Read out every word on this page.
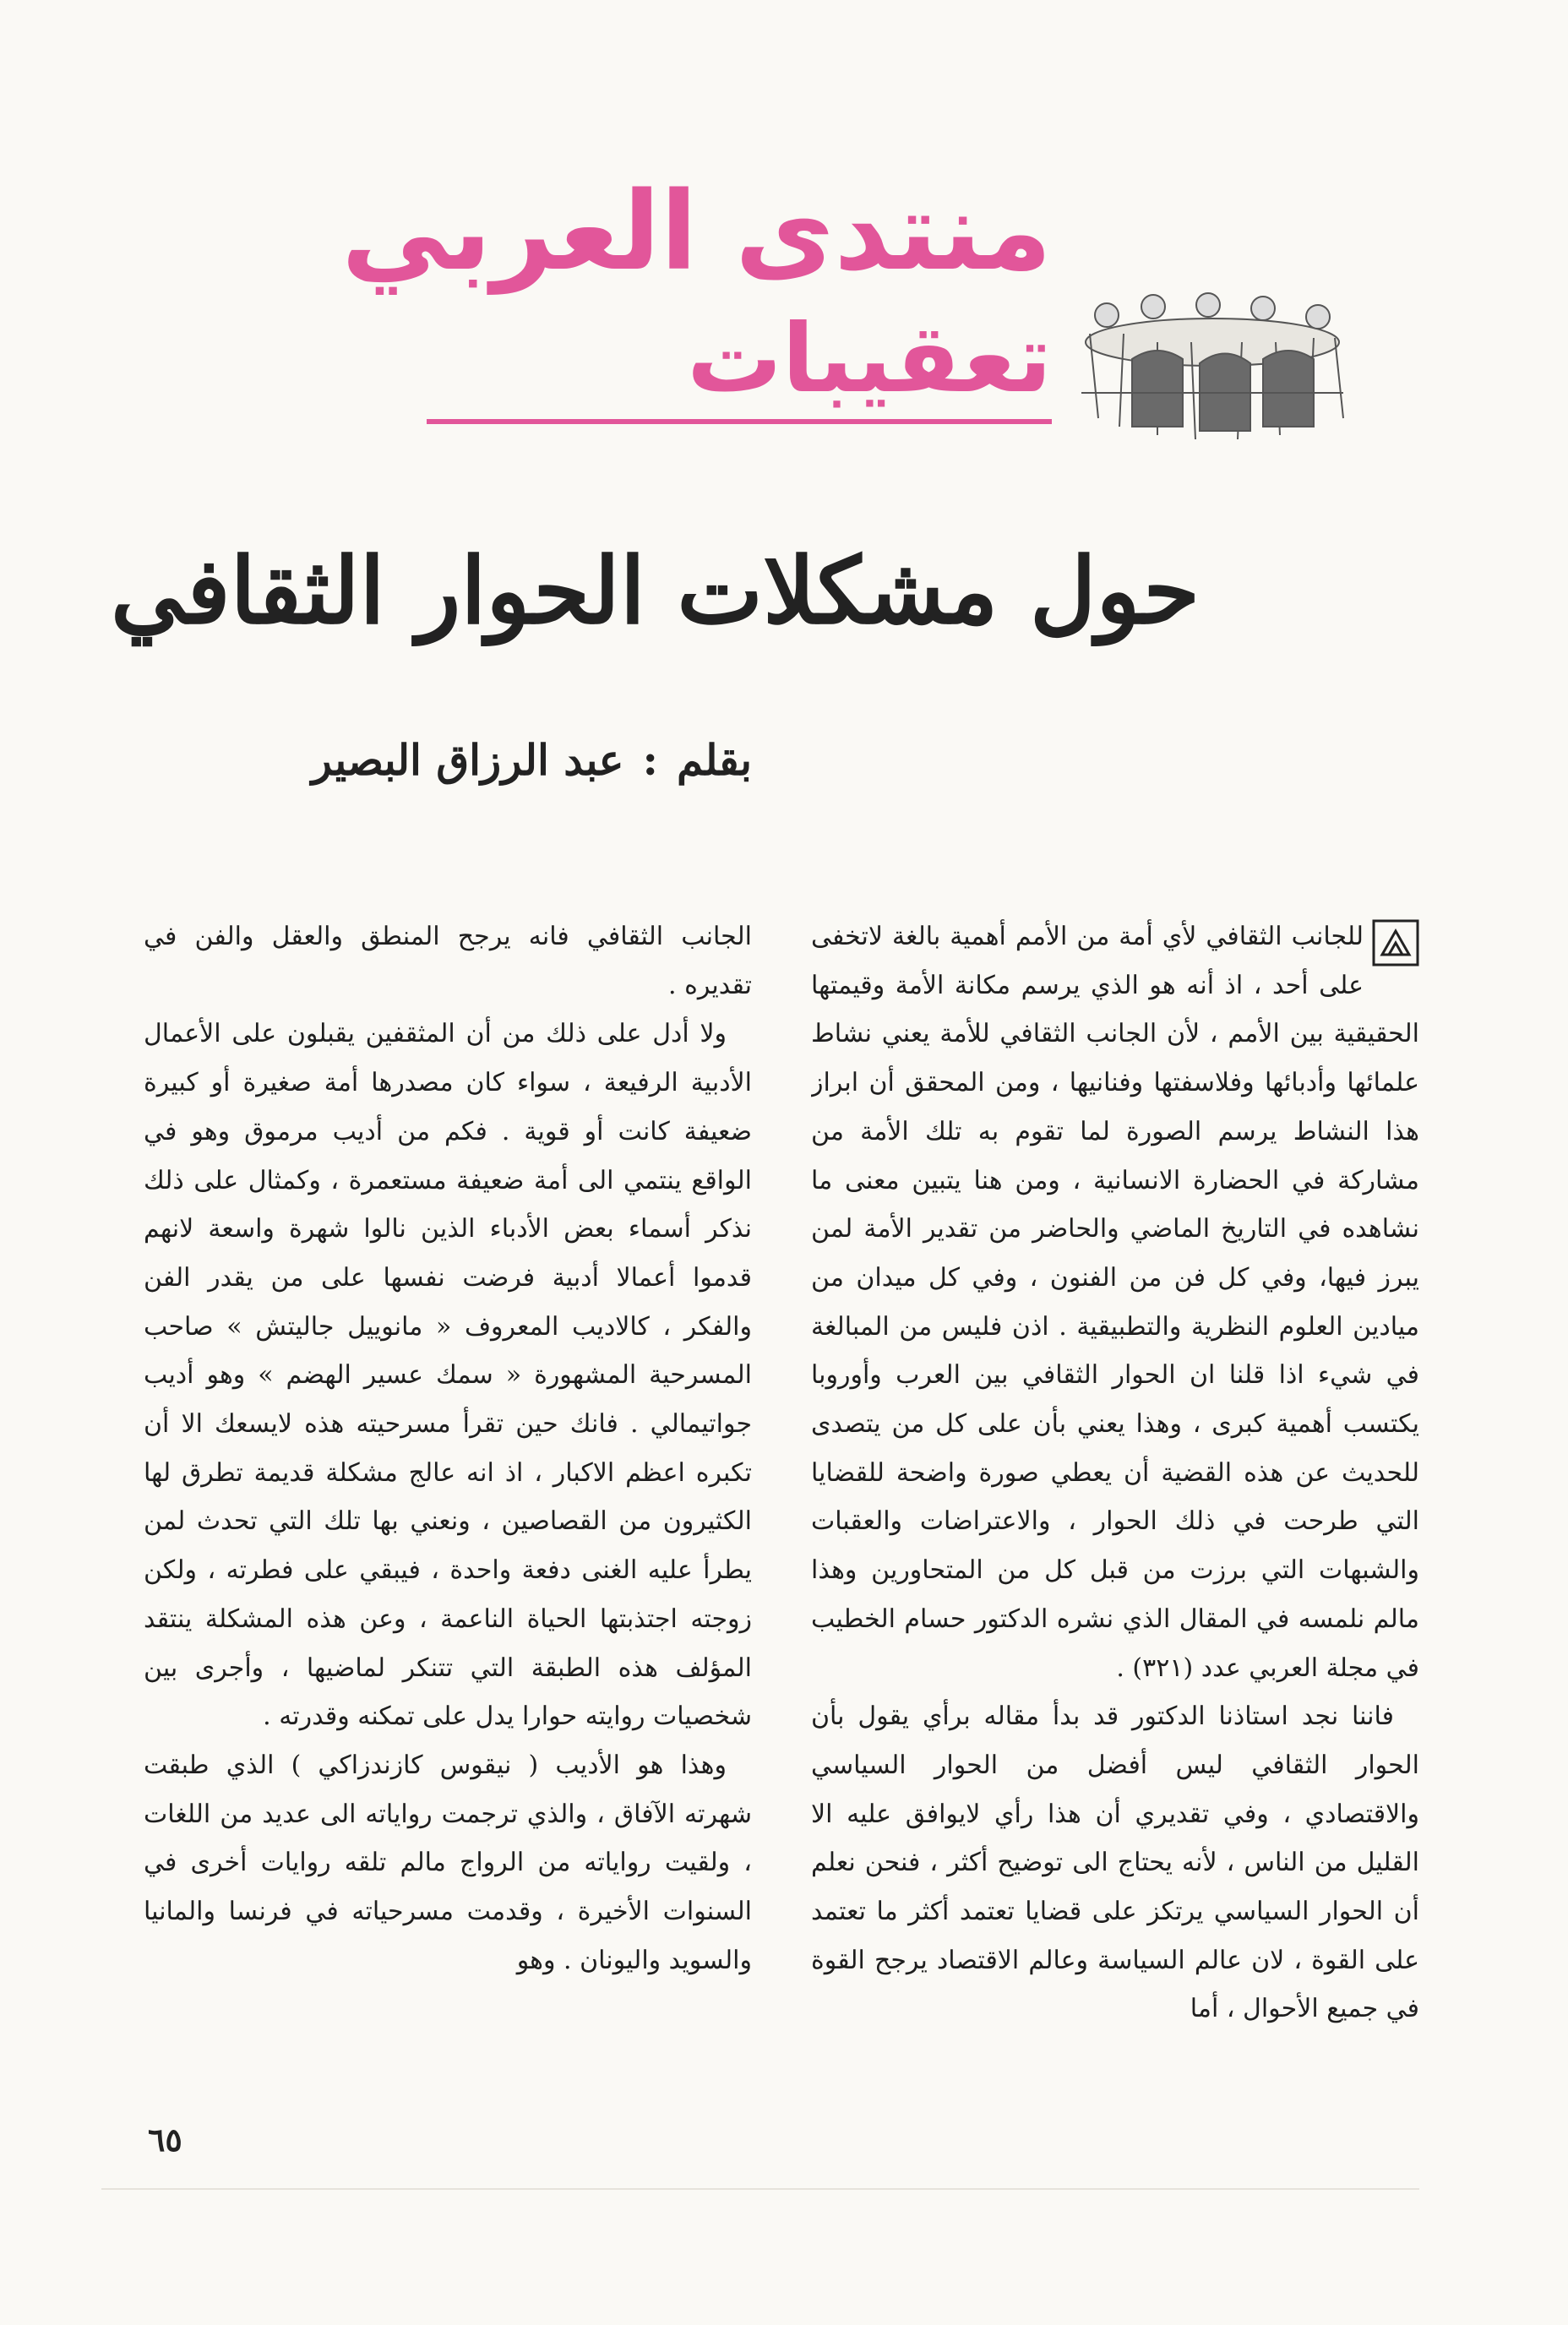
منتدى العربي
تعقيبات
حول مشكلات الحوار الثقافي
بقلم:عبد الرزاق البصير

للجانب الثقافي لأي أمة من الأمم أهمية بالغة لاتخفى على أحد ، اذ أنه هو الذي يرسم مكانة الأمة وقيمتها الحقيقية بين الأمم ، لأن الجانب الثقافي للأمة يعني نشاط علمائها وأدبائها وفلاسفتها وفنانيها ، ومن المحقق أن ابراز هذا النشاط يرسم الصورة لما تقوم به تلك الأمة من مشاركة في الحضارة الانسانية ، ومن هنا يتبين معنى ما نشاهده في التاريخ الماضي والحاضر من تقدير الأمة لمن يبرز فيها، وفي كل فن من الفنون ، وفي كل ميدان من ميادين العلوم النظرية والتطبيقية . اذن فليس من المبالغة في شيء اذا قلنا ان الحوار الثقافي بين العرب وأوروبا يكتسب أهمية كبرى ، وهذا يعني بأن على كل من يتصدى للحديث عن هذه القضية أن يعطي صورة واضحة للقضايا التي طرحت في ذلك الحوار ، والاعتراضات والعقبات والشبهات التي برزت من قبل كل من المتحاورين وهذا مالم نلمسه في المقال الذي نشره الدكتور حسام الخطيب في مجلة العربي عدد (٣٢١) .

فاننا نجد استاذنا الدكتور قد بدأ مقاله برأي يقول بأن الحوار الثقافي ليس أفضل من الحوار السياسي والاقتصادي ، وفي تقديري أن هذا رأي لايوافق عليه الا القليل من الناس ، لأنه يحتاج الى توضيح أكثر ، فنحن نعلم أن الحوار السياسي يرتكز على قضايا تعتمد أكثر ما تعتمد على القوة ، لان عالم السياسة وعالم الاقتصاد يرجح القوة في جميع الأحوال ، أما

الجانب الثقافي فانه يرجح المنطق والعقل والفن في تقديره .

ولا أدل على ذلك من أن المثقفين يقبلون على الأعمال الأدبية الرفيعة ، سواء كان مصدرها أمة صغيرة أو كبيرة ضعيفة كانت أو قوية . فكم من أديب مرموق وهو في الواقع ينتمي الى أمة ضعيفة مستعمرة ، وكمثال على ذلك نذكر أسماء بعض الأدباء الذين نالوا شهرة واسعة لانهم قدموا أعمالا أدبية فرضت نفسها على من يقدر الفن والفكر ، كالاديب المعروف « مانوييل جاليتش » صاحب المسرحية المشهورة « سمك عسير الهضم » وهو أديب جواتيمالي . فانك حين تقرأ مسرحيته هذه لايسعك الا أن تكبره اعظم الاكبار ، اذ انه عالج مشكلة قديمة تطرق لها الكثيرون من القصاصين ، ونعني بها تلك التي تحدث لمن يطرأ عليه الغنى دفعة واحدة ، فيبقي على فطرته ، ولكن زوجته اجتذبتها الحياة الناعمة ، وعن هذه المشكلة ينتقد المؤلف هذه الطبقة التي تتنكر لماضيها ، وأجرى بين شخصيات روايته حوارا يدل على تمكنه وقدرته .

وهذا هو الأديب ( نيقوس كازندزاكي ) الذي طبقت شهرته الآفاق ، والذي ترجمت رواياته الى عديد من اللغات ، ولقيت رواياته من الرواج مالم تلقه روايات أخرى في السنوات الأخيرة ، وقدمت مسرحياته في فرنسا والمانيا والسويد واليونان . وهو

٦٥
